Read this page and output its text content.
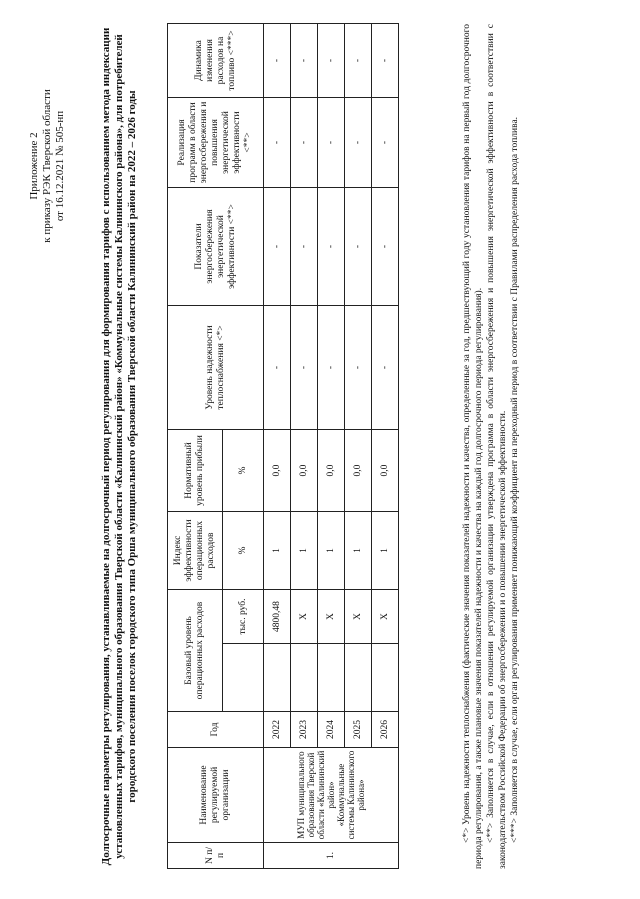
Приложение 2 к приказу РЭК Тверской области от 16.12.2021 № 505-нп	Долгосрочные параметры регулирования, устанавливаемые на долгосрочный период регулирования для формирования тарифов с использованием метода индексации установленных тарифов, муниципального образования Тверской области «Калининский район» «Коммунальные системы Калининского района», для потребителей городского поселения поселок городского типа Орша муниципального образования Тверской области Калининский район на 2022 – 2026 годы
N п/п	Наименование регулируемой организации	Год	Базовый уровень операционных расходов		Индекс эффективности операционных расходов	Нормативный уровень прибыли	Уровень надежности теплоснабжения <*>	Показатели энергосбережения энергетической эффективности <**>	Реализация программ в области энергосбережения и повышения энергетической эффективности <**>	Динамика изменения расходов на топливо <***>
				тыс. руб.	%	%				
1.	МУП муниципального образования Тверской области «Калининский район» «Коммунальные системы Калининского района»	2022		4800,48	1	0,0	-	-	-	-
		2023		Х	1	0,0	-	-	-	-
		2024		Х	1	0,0	-	-	-	-
		2025		Х	1	0,0	-	-	-	-
		2026		Х	1	0,0	-	-	-	-	<*> Уровень надежности теплоснабжения (фактические значения показателей надежности и качества, определенные за год, предшествующий году установления тарифов на первый год долгосрочного периода регулирования, а также плановые значения показателей надежности и качества на каждый год долгосрочного периода регулирования). <**> Заполняется в случае, если в отношении регулируемой организации утверждена программа в области энергосбережения и повышения энергетической эффективности в соответствии с законодательством Российской Федерации об энергосбережении и о повышении энергетической эффективности. <***> Заполняется в случае, если орган регулирования применяет понижающий коэффициент на переходный период в соответствии с Правилами распределения расхода топлива.
